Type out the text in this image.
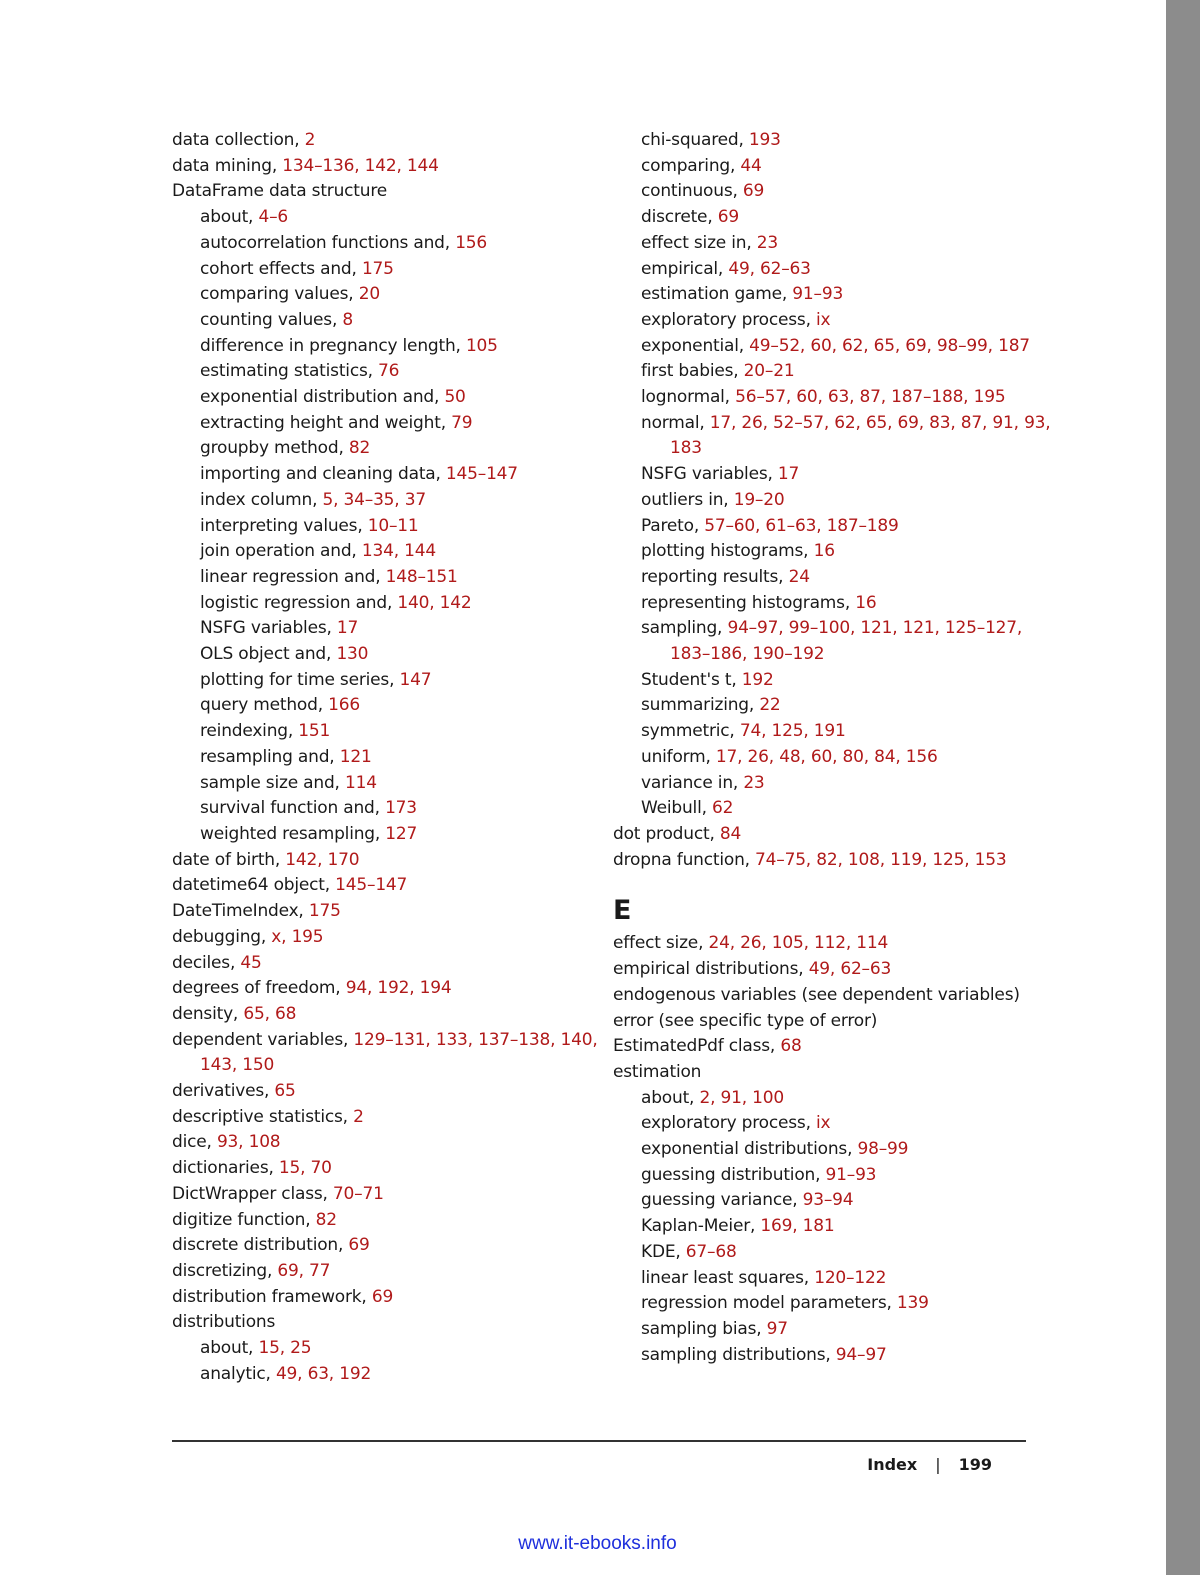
data collection, 2
data mining, 134–136, 142, 144
DataFrame data structure
about, 4–6
autocorrelation functions and, 156
cohort effects and, 175
comparing values, 20
counting values, 8
difference in pregnancy length, 105
estimating statistics, 76
exponential distribution and, 50
extracting height and weight, 79
groupby method, 82
importing and cleaning data, 145–147
index column, 5, 34–35, 37
interpreting values, 10–11
join operation and, 134, 144
linear regression and, 148–151
logistic regression and, 140, 142
NSFG variables, 17
OLS object and, 130
plotting for time series, 147
query method, 166
reindexing, 151
resampling and, 121
sample size and, 114
survival function and, 173
weighted resampling, 127
date of birth, 142, 170
datetime64 object, 145–147
DateTimeIndex, 175
debugging, x, 195
deciles, 45
degrees of freedom, 94, 192, 194
density, 65, 68
dependent variables, 129–131, 133, 137–138, 140, 143, 150
derivatives, 65
descriptive statistics, 2
dice, 93, 108
dictionaries, 15, 70
DictWrapper class, 70–71
digitize function, 82
discrete distribution, 69
discretizing, 69, 77
distribution framework, 69
distributions
about, 15, 25
analytic, 49, 63, 192
chi-squared, 193
comparing, 44
continuous, 69
discrete, 69
effect size in, 23
empirical, 49, 62–63
estimation game, 91–93
exploratory process, ix
exponential, 49–52, 60, 62, 65, 69, 98–99, 187
first babies, 20–21
lognormal, 56–57, 60, 63, 87, 187–188, 195
normal, 17, 26, 52–57, 62, 65, 69, 83, 87, 91, 93, 183
NSFG variables, 17
outliers in, 19–20
Pareto, 57–60, 61–63, 187–189
plotting histograms, 16
reporting results, 24
representing histograms, 16
sampling, 94–97, 99–100, 121, 121, 125–127, 183–186, 190–192
Student's t, 192
summarizing, 22
symmetric, 74, 125, 191
uniform, 17, 26, 48, 60, 80, 84, 156
variance in, 23
Weibull, 62
dot product, 84
dropna function, 74–75, 82, 108, 119, 125, 153
E
effect size, 24, 26, 105, 112, 114
empirical distributions, 49, 62–63
endogenous variables (see dependent variables)
error (see specific type of error)
EstimatedPdf class, 68
estimation
about, 2, 91, 100
exploratory process, ix
exponential distributions, 98–99
guessing distribution, 91–93
guessing variance, 93–94
Kaplan-Meier, 169, 181
KDE, 67–68
linear least squares, 120–122
regression model parameters, 139
sampling bias, 97
sampling distributions, 94–97
Index | 199
www.it-ebooks.info
